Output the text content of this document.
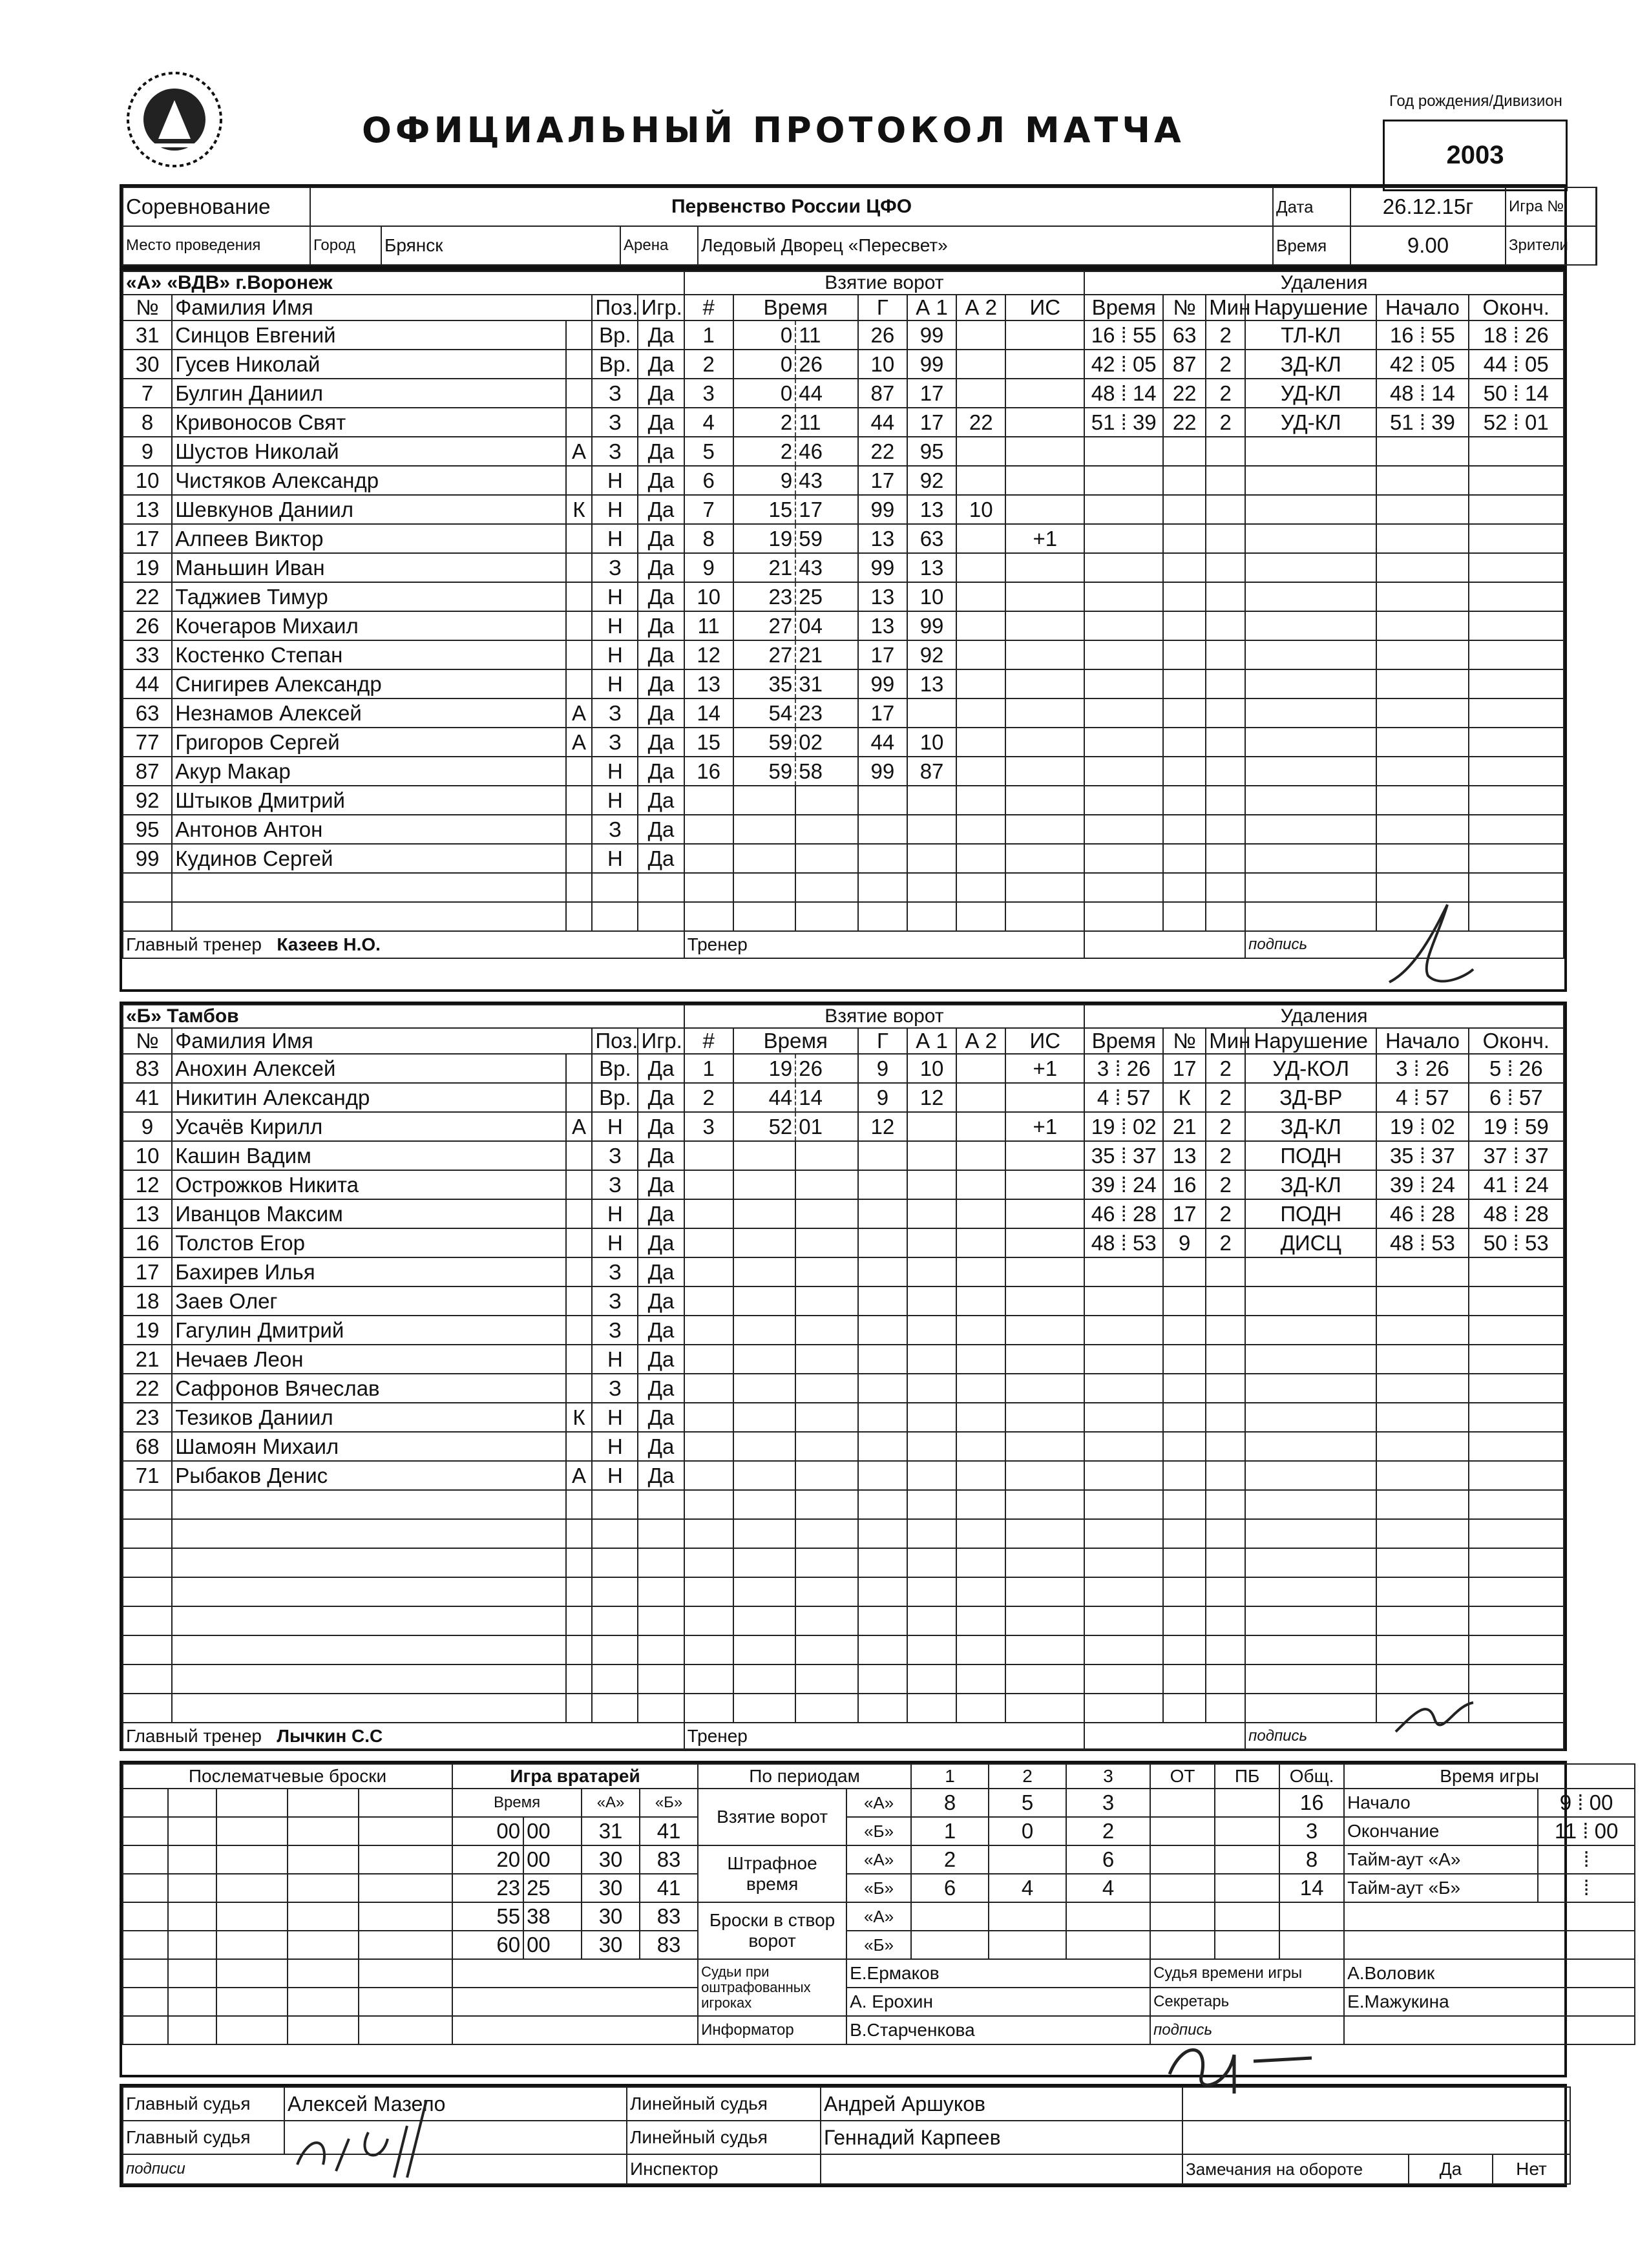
ОФИЦИАЛЬНЫЙ ПРОТОКОЛ МАТЧА
Год рождения/Дивизион
2003
Соревнование	Первенство России ЦФО				Дата	26.12.15г	Игра №	
Место проведения	Город	Брянск	Арена	Ледовый Дворец «Пересвет»	Время	9.00	Зрители	
«А» «ВДВ» г.Воронеж					Взятие ворот							Удаления					
№	Фамилия Имя		Поз.	Игр.	#	Время		Г	А 1	А 2	ИС	Время	№	Мин	Нарушение	Начало	Оконч.
31	Синцов Евгений		Вр.	Да	1	0	11	26	99			16 ⁞ 55	63	2	ТЛ-КЛ	16 ⁞ 55	18 ⁞ 26
30	Гусев Николай		Вр.	Да	2	0	26	10	99			42 ⁞ 05	87	2	ЗД-КЛ	42 ⁞ 05	44 ⁞ 05
7	Булгин Даниил		З	Да	3	0	44	87	17			48 ⁞ 14	22	2	УД-КЛ	48 ⁞ 14	50 ⁞ 14
8	Кривоносов Свят		З	Да	4	2	11	44	17	22		51 ⁞ 39	22	2	УД-КЛ	51 ⁞ 39	52 ⁞ 01
9	Шустов Николай	А	З	Да	5	2	46	22	95								
10	Чистяков Александр		Н	Да	6	9	43	17	92								
13	Шевкунов Даниил	К	Н	Да	7	15	17	99	13	10							
17	Алпеев Виктор		Н	Да	8	19	59	13	63		+1						
19	Маньшин Иван		З	Да	9	21	43	99	13								
22	Таджиев Тимур		Н	Да	10	23	25	13	10								
26	Кочегаров Михаил		Н	Да	11	27	04	13	99								
33	Костенко Степан		Н	Да	12	27	21	17	92								
44	Снигирев Александр		Н	Да	13	35	31	99	13								
63	Незнамов Алексей	А	З	Да	14	54	23	17									
77	Григоров Сергей	А	З	Да	15	59	02	44	10								
87	Акур Макар		Н	Да	16	59	58	99	87								
92	Штыков Дмитрий		Н	Да													
95	Антонов Антон		З	Да													
99	Кудинов Сергей		Н	Да													

Главный тренер Казеев Н.О.					Тренер										подпись		
«Б» Тамбов					Взятие ворот							Удаления					
№	Фамилия Имя		Поз.	Игр.	#	Время		Г	А 1	А 2	ИС	Время	№	Мин	Нарушение	Начало	Оконч.
83	Анохин Алексей		Вр.	Да	1	19	26	9	10		+1	3 ⁞ 26	17	2	УД-КОЛ	3 ⁞ 26	5 ⁞ 26
41	Никитин Александр		Вр.	Да	2	44	14	9	12			4 ⁞ 57	К	2	ЗД-ВР	4 ⁞ 57	6 ⁞ 57
9	Усачёв Кирилл	А	Н	Да	3	52	01	12			+1	19 ⁞ 02	21	2	ЗД-КЛ	19 ⁞ 02	19 ⁞ 59
10	Кашин Вадим		З	Да								35 ⁞ 37	13	2	ПОДН	35 ⁞ 37	37 ⁞ 37
12	Острожков Никита		З	Да								39 ⁞ 24	16	2	ЗД-КЛ	39 ⁞ 24	41 ⁞ 24
13	Иванцов Максим		Н	Да								46 ⁞ 28	17	2	ПОДН	46 ⁞ 28	48 ⁞ 28
16	Толстов Егор		Н	Да								48 ⁞ 53	9	2	ДИСЦ	48 ⁞ 53	50 ⁞ 53
17	Бахирев Илья		З	Да													
18	Заев Олег		З	Да													
19	Гагулин Дмитрий		З	Да													
21	Нечаев Леон		Н	Да													
22	Сафронов Вячеслав		З	Да													
23	Тезиков Даниил	К	Н	Да													
68	Шамоян Михаил		Н	Да													
71	Рыбаков Денис	А	Н	Да													

Главный тренер Лычкин С.С					Тренер										подпись		
Послематчевые броски					Игра вратарей				По периодам		1	2	3	ОТ	ПБ	Общ.	Время игры	
					Время		«А»	«Б»	Взятие ворот	«А»	8	5	3			16	Начало	9 ⁞ 00
					00	00	31	41		«Б»	1	0	2			3	Окончание	11 ⁞ 00
					20	00	30	83	Штрафное время	«А»	2		6			8	Тайм-аут «А»	⁞
					23	25	30	41		«Б»	6	4	4			14	Тайм-аут «Б»	⁞
					55	38	30	83	Броски в створ ворот	«А»								
					60	00	30	83		«Б»								
									Судьи при оштрафованных игроках	Е.Ермаков				Судья времени игры			А.Воловик	
										А. Ерохин				Секретарь			Е.Мажукина	
									Информатор	В.Старченкова				подпись				
Главный судья	Алексей Мазепо	Линейный судья	Андрей Аршуков			
Главный судья		Линейный судья	Геннадий Карпеев			
подписи		Инспектор		Замечания на обороте	Да	Нет
